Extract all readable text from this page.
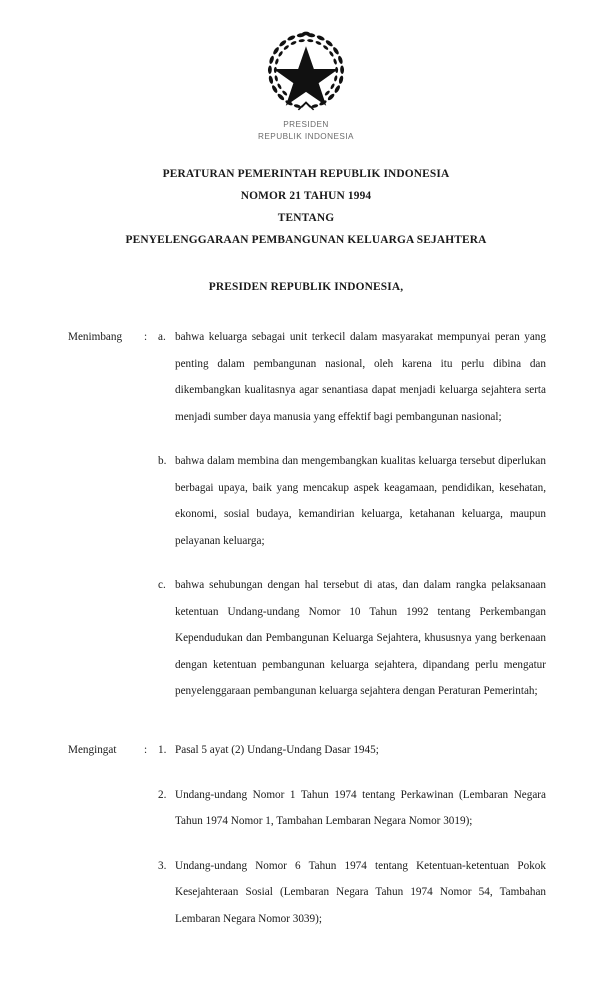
PRESIDEN
REPUBLIK INDONESIA
PERATURAN PEMERINTAH REPUBLIK INDONESIA
NOMOR 21 TAHUN 1994
TENTANG
PENYELENGGARAAN PEMBANGUNAN KELUARGA SEJAHTERA
PRESIDEN REPUBLIK INDONESIA,
Menimbang	: a. bahwa keluarga sebagai unit terkecil dalam masyarakat mempunyai peran yang penting dalam pembangunan nasional, oleh karena itu perlu dibina dan dikembangkan kualitasnya agar senantiasa dapat menjadi keluarga sejahtera serta menjadi sumber daya manusia yang effektif bagi pembangunan nasional;
b. bahwa dalam membina dan mengembangkan kualitas keluarga tersebut diperlukan berbagai upaya, baik yang mencakup aspek keagamaan, pendidikan, kesehatan, ekonomi, sosial budaya, kemandirian keluarga, ketahanan keluarga, maupun pelayanan keluarga;
c. bahwa sehubungan dengan hal tersebut di atas, dan dalam rangka pelaksanaan ketentuan Undang-undang Nomor 10 Tahun 1992 tentang Perkembangan Kependudukan dan Pembangunan Keluarga Sejahtera, khususnya yang berkenaan dengan ketentuan pembangunan keluarga sejahtera, dipandang perlu mengatur penyelenggaraan pembangunan keluarga sejahtera dengan Peraturan Pemerintah;
Mengingat	: 1. Pasal 5 ayat (2) Undang-Undang Dasar 1945;
2. Undang-undang Nomor 1 Tahun 1974 tentang Perkawinan (Lembaran Negara Tahun 1974 Nomor 1, Tambahan Lembaran Negara Nomor 3019);
3. Undang-undang Nomor 6 Tahun 1974 tentang Ketentuan-ketentuan Pokok Kesejahteraan Sosial (Lembaran Negara Tahun 1974 Nomor 54, Tambahan Lembaran Negara Nomor 3039);
